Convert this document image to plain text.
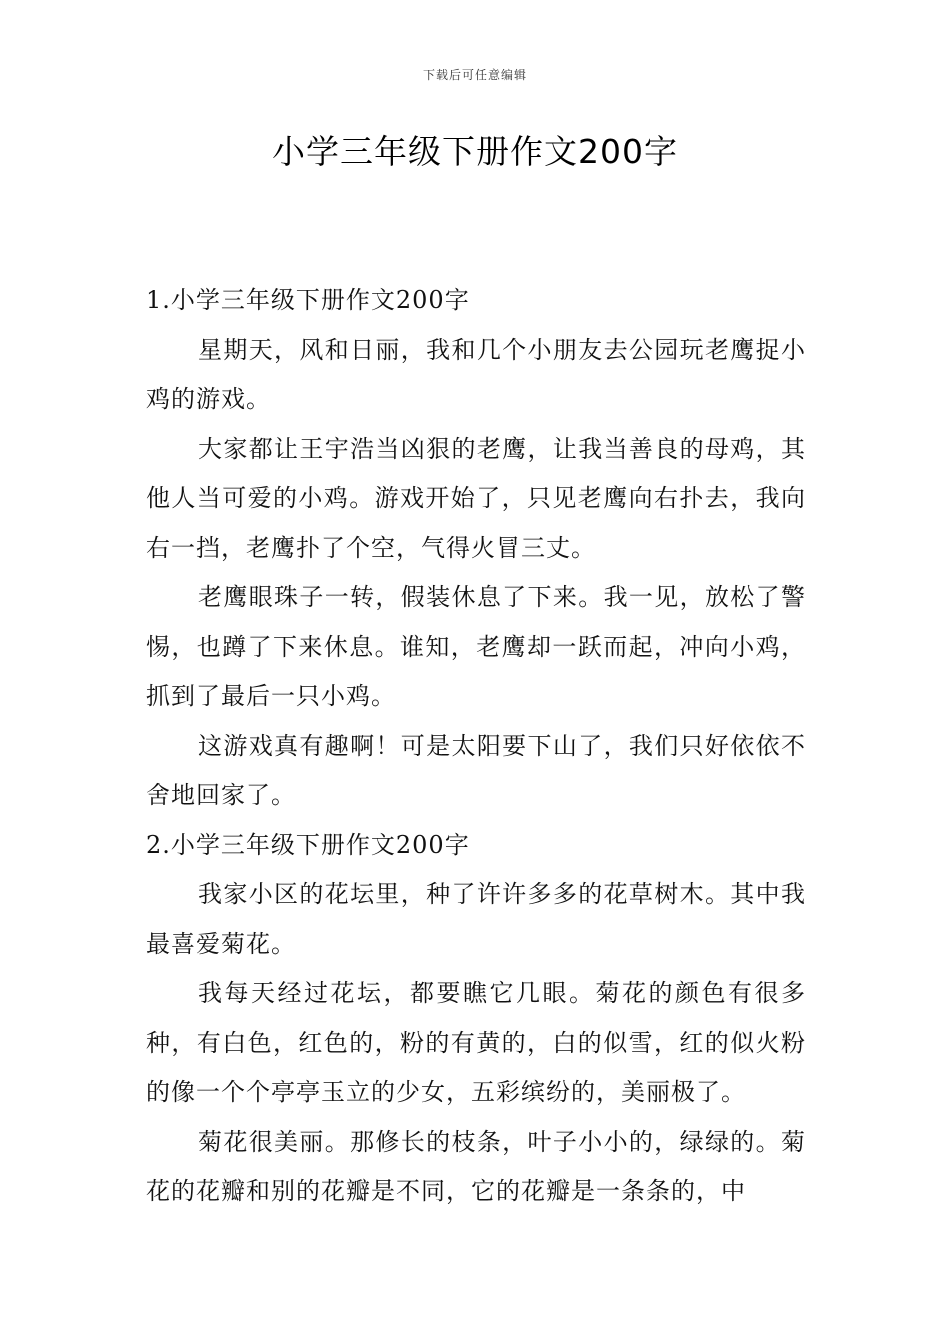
下载后可任意编辑
小学三年级下册作文200字

1.小学三年级下册作文200字

星期天，风和日丽，我和几个小朋友去公园玩老鹰捉小鸡的游戏。

大家都让王宇浩当凶狠的老鹰，让我当善良的母鸡，其他人当可爱的小鸡。游戏开始了，只见老鹰向右扑去，我向右一挡，老鹰扑了个空，气得火冒三丈。

老鹰眼珠子一转，假装休息了下来。我一见，放松了警惕，也蹲了下来休息。谁知，老鹰却一跃而起，冲向小鸡，抓到了最后一只小鸡。

这游戏真有趣啊！可是太阳要下山了，我们只好依依不舍地回家了。

2.小学三年级下册作文200字

我家小区的花坛里，种了许许多多的花草树木。其中我最喜爱菊花。

我每天经过花坛，都要瞧它几眼。菊花的颜色有很多种，有白色，红色的，粉的有黄的，白的似雪，红的似火粉的像一个个亭亭玉立的少女，五彩缤纷的，美丽极了。

菊花很美丽。那修长的枝条，叶子小小的，绿绿的。菊花的花瓣和别的花瓣是不同，它的花瓣是一条条的，中
